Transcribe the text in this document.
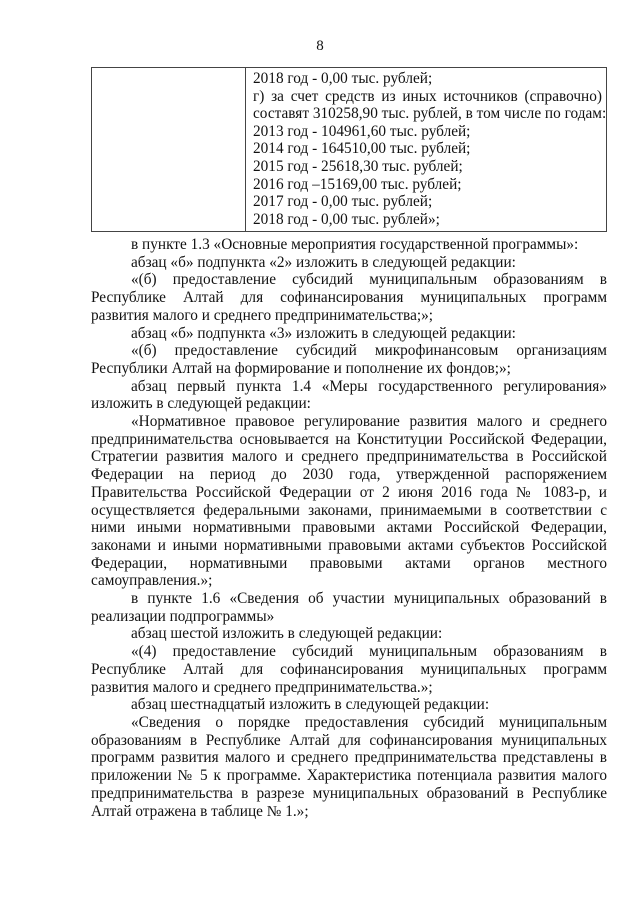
8

2018 год - 0,00 тыс. рублей;
г) за счет средств из иных источников (справочно)
составят 310258,90 тыс. рублей, в том числе по годам:
2013 год - 104961,60 тыс. рублей;
2014 год - 164510,00 тыс. рублей;
2015 год - 25618,30 тыс. рублей;
2016 год –15169,00 тыс. рублей;
2017 год - 0,00 тыс. рублей;
2018 год - 0,00 тыс. рублей»;
в пункте 1.3 «Основные мероприятия государственной программы»:
абзац «б» подпункта «2» изложить в следующей редакции:
«(б) предоставление субсидий муниципальным образованиям в
Республике Алтай для софинансирования муниципальных программ
развития малого и среднего предпринимательства;»;
абзац «б» подпункта «3» изложить в следующей редакции:
«(б) предоставление субсидий микрофинансовым организациям
Республики Алтай на формирование и пополнение их фондов;»;
абзац первый пункта 1.4 «Меры государственного регулирования»
изложить в следующей редакции:
«Нормативное правовое регулирование развития малого и среднего
предпринимательства основывается на Конституции Российской Федерации,
Стратегии развития малого и среднего предпринимательства в Российской
Федерации на период до 2030 года, утвержденной распоряжением
Правительства Российской Федерации от 2 июня 2016 года № 1083-р, и
осуществляется федеральными законами, принимаемыми в соответствии с
ними иными нормативными правовыми актами Российской Федерации,
законами и иными нормативными правовыми актами субъектов Российской
Федерации, нормативными правовыми актами органов местного
самоуправления.»;
в пункте 1.6 «Сведения об участии муниципальных образований в
реализации подпрограммы»
абзац шестой изложить в следующей редакции:
«(4) предоставление субсидий муниципальным образованиям в
Республике Алтай для софинансирования муниципальных программ
развития малого и среднего предпринимательства.»;
абзац шестнадцатый изложить в следующей редакции:
«Сведения о порядке предоставления субсидий муниципальным
образованиям в Республике Алтай для софинансирования муниципальных
программ развития малого и среднего предпринимательства представлены в
приложении № 5 к программе. Характеристика потенциала развития малого
предпринимательства в разрезе муниципальных образований в Республике
Алтай отражена в таблице № 1.»;
